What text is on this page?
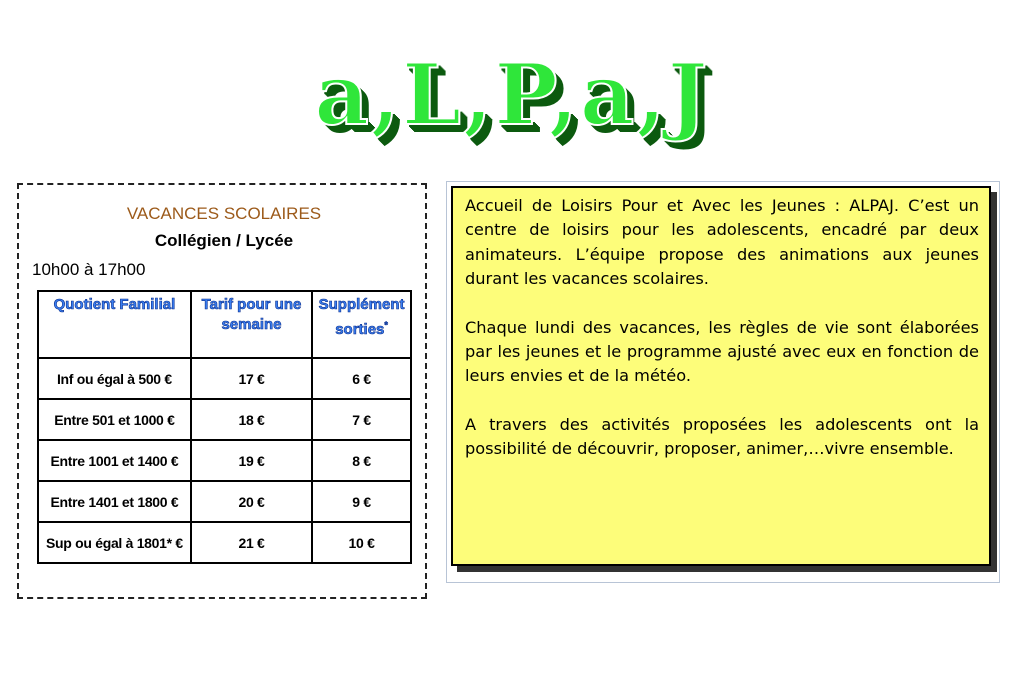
a,L,P,a,J
VACANCES SCOLAIRES
Collégien / Lycée
10h00 à 17h00
Quotient Familial	Tarif pour une semaine	Supplément sorties*
Inf ou égal à 500 €	17 €	6 €
Entre 501 et 1000 €	18 €	7 €
Entre 1001 et 1400 €	19 €	8 €
Entre 1401 et 1800 €	20 €	9 €
Sup ou égal à 1801* €	21 €	10 €

Accueil de Loisirs Pour et Avec les Jeunes : ALPAJ. C’est un centre de loisirs pour les adolescents, encadré par deux animateurs. L’équipe propose des animations aux jeunes durant les vacances scolaires.

Chaque lundi des vacances, les règles de vie sont élaborées par les jeunes et le programme ajusté avec eux en fonction de leurs envies et de la météo.

A travers des activités proposées les adolescents ont la possibilité de découvrir, proposer, animer,…vivre ensemble.
